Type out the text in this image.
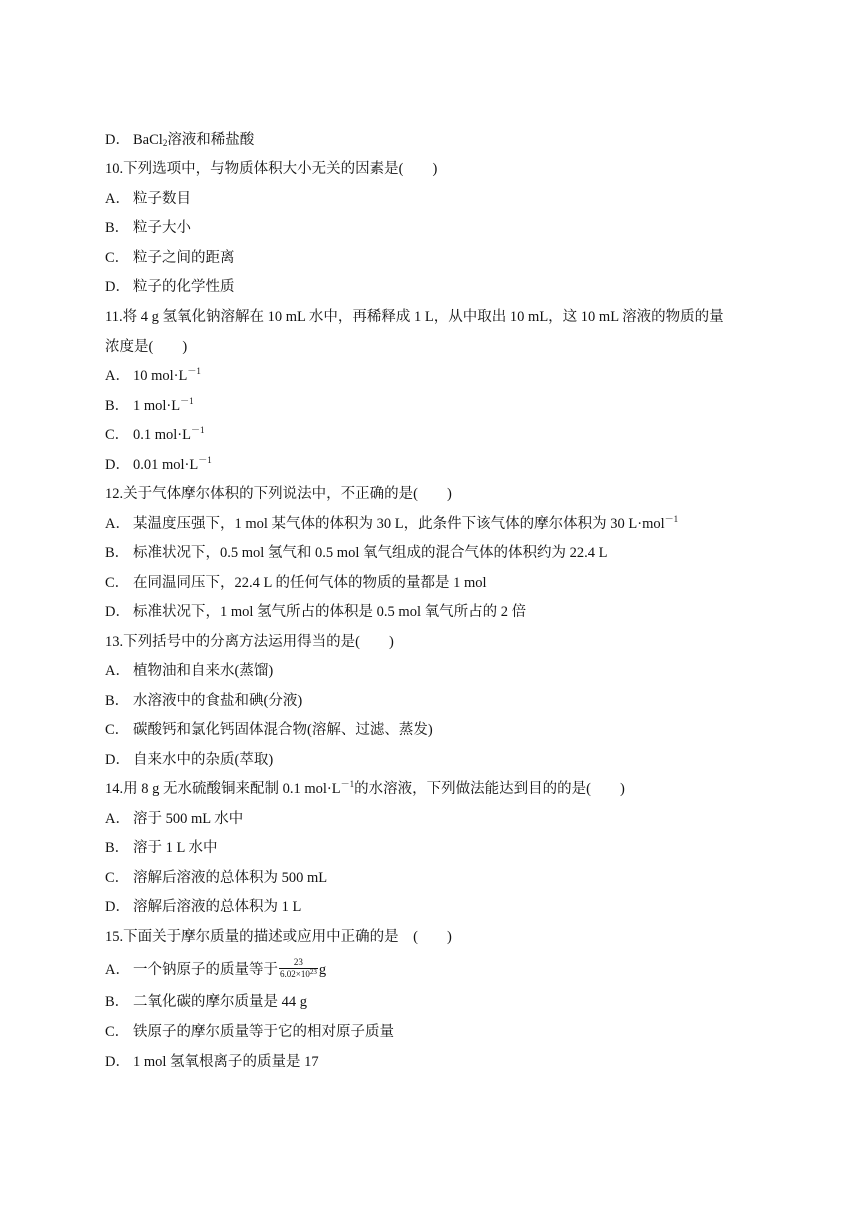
D． BaCl$_2$溶液和稀盐酸
10.下列选项中，与物质体积大小无关的因素是(　　)
A． 粒子数目
B． 粒子大小
C． 粒子之间的距离
D． 粒子的化学性质
11.将 4 g 氢氧化钠溶解在 10 mL 水中，再稀释成 1 L，从中取出 10 mL，这 10 mL 溶液的物质的量
浓度是(　　)
A． 10 $mol\cdot L^{-1}$
B． 1 $mol\cdot L^{-1}$
C． 0.1 $mol\cdot L^{-1}$
D． 0.01 $mol\cdot L^{-1}$
12.关于气体摩尔体积的下列说法中，不正确的是(　　)
A． 某温度压强下，1 mol 某气体的体积为 30 L，此条件下该气体的摩尔体积为 30 L·mol$^{-1}$
B． 标准状况下，0.5 mol 氢气和 0.5 mol 氧气组成的混合气体的体积约为 22.4 L
C． 在同温同压下，22.4 L 的任何气体的物质的量都是 1 mol
D． 标准状况下，1 mol 氢气所占的体积是 0.5 mol 氧气所占的 2 倍
13.下列括号中的分离方法运用得当的是(　　)
A． 植物油和自来水(蒸馏)
B． 水溶液中的食盐和碘(分液)
C． 碳酸钙和氯化钙固体混合物(溶解、过滤、蒸发)
D． 自来水中的杂质(萃取)
14.用 8 g 无水硫酸铜来配制 0.1 $mol\cdot L^{-1}$的水溶液，下列做法能达到目的的是(　　)
A． 溶于 500 mL 水中
B． 溶于 1 L 水中
C． 溶解后溶液的总体积为 500 mL
D． 溶解后溶液的总体积为 1 L
15.下面关于摩尔质量的描述或应用中正确的是　(　　)
A． 一个钠原子的质量等于 $\frac{23}{6.02\times 10^{23}}$ g
B． 二氧化碳的摩尔质量是 44 g
C． 铁原子的摩尔质量等于它的相对原子质量
D． 1 mol 氢氧根离子的质量是 17
